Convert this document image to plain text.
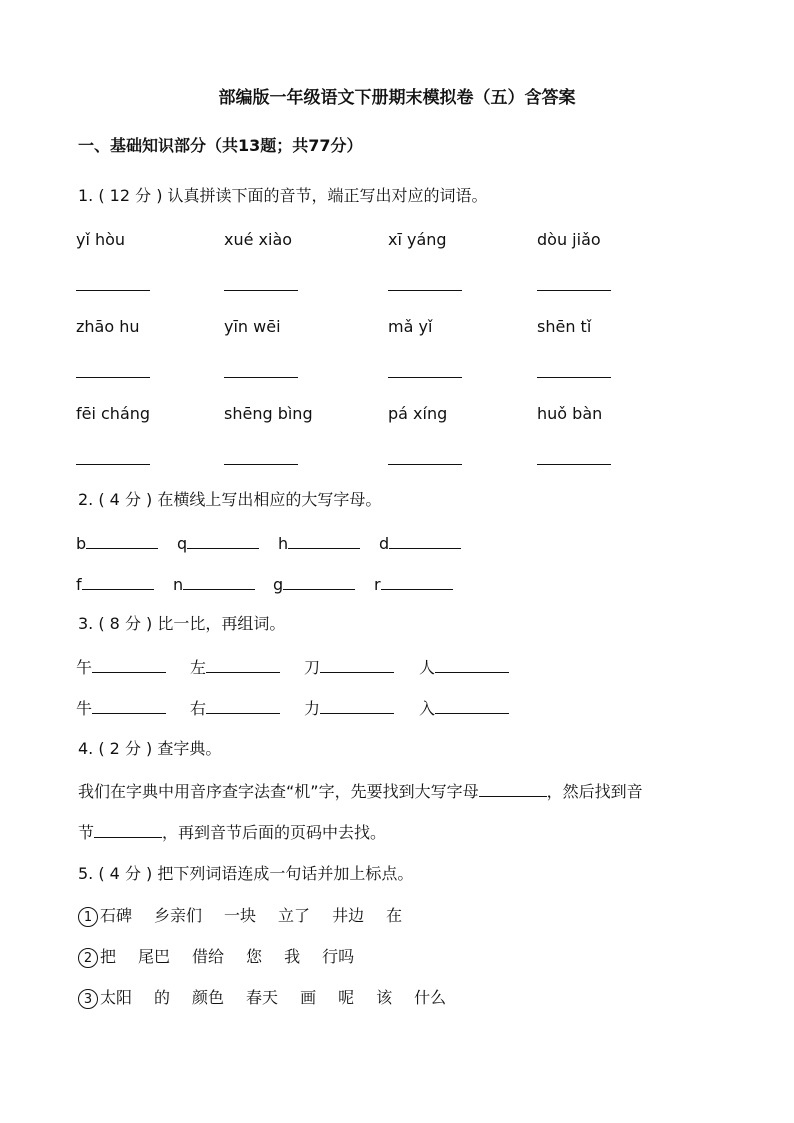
部编版一年级语文下册期末模拟卷（五）含答案
一、基础知识部分（共13题；共77分）
1. ( 12 分 ) 认真拼读下面的音节，端正写出对应的词语。
yǐ hòu	xué xiào	xī yáng	dòu jiǎo
zhāo hu	yīn wēi	mǎ yǐ	shēn tǐ
fēi cháng	shēng bìng	pá xíng	huǒ bàn
2. ( 4 分 ) 在横线上写出相应的大写字母。
b	q	h	d
f	n	g	r
3. ( 8 分 ) 比一比，再组词。
午	左	刀	人
牛	右	力	入
4. ( 2 分 ) 查字典。
我们在字典中用音序查字法查“机”字，先要找到大写字母	，然后找到音
节	，再到音节后面的页码中去找。
5. ( 4 分 ) 把下列词语连成一句话并加上标点。
1 石碑 乡亲们 一块 立了 井边 在
2 把 尾巴 借给 您 我 行吗
3 太阳 的 颜色 春天 画 呢 该 什么
